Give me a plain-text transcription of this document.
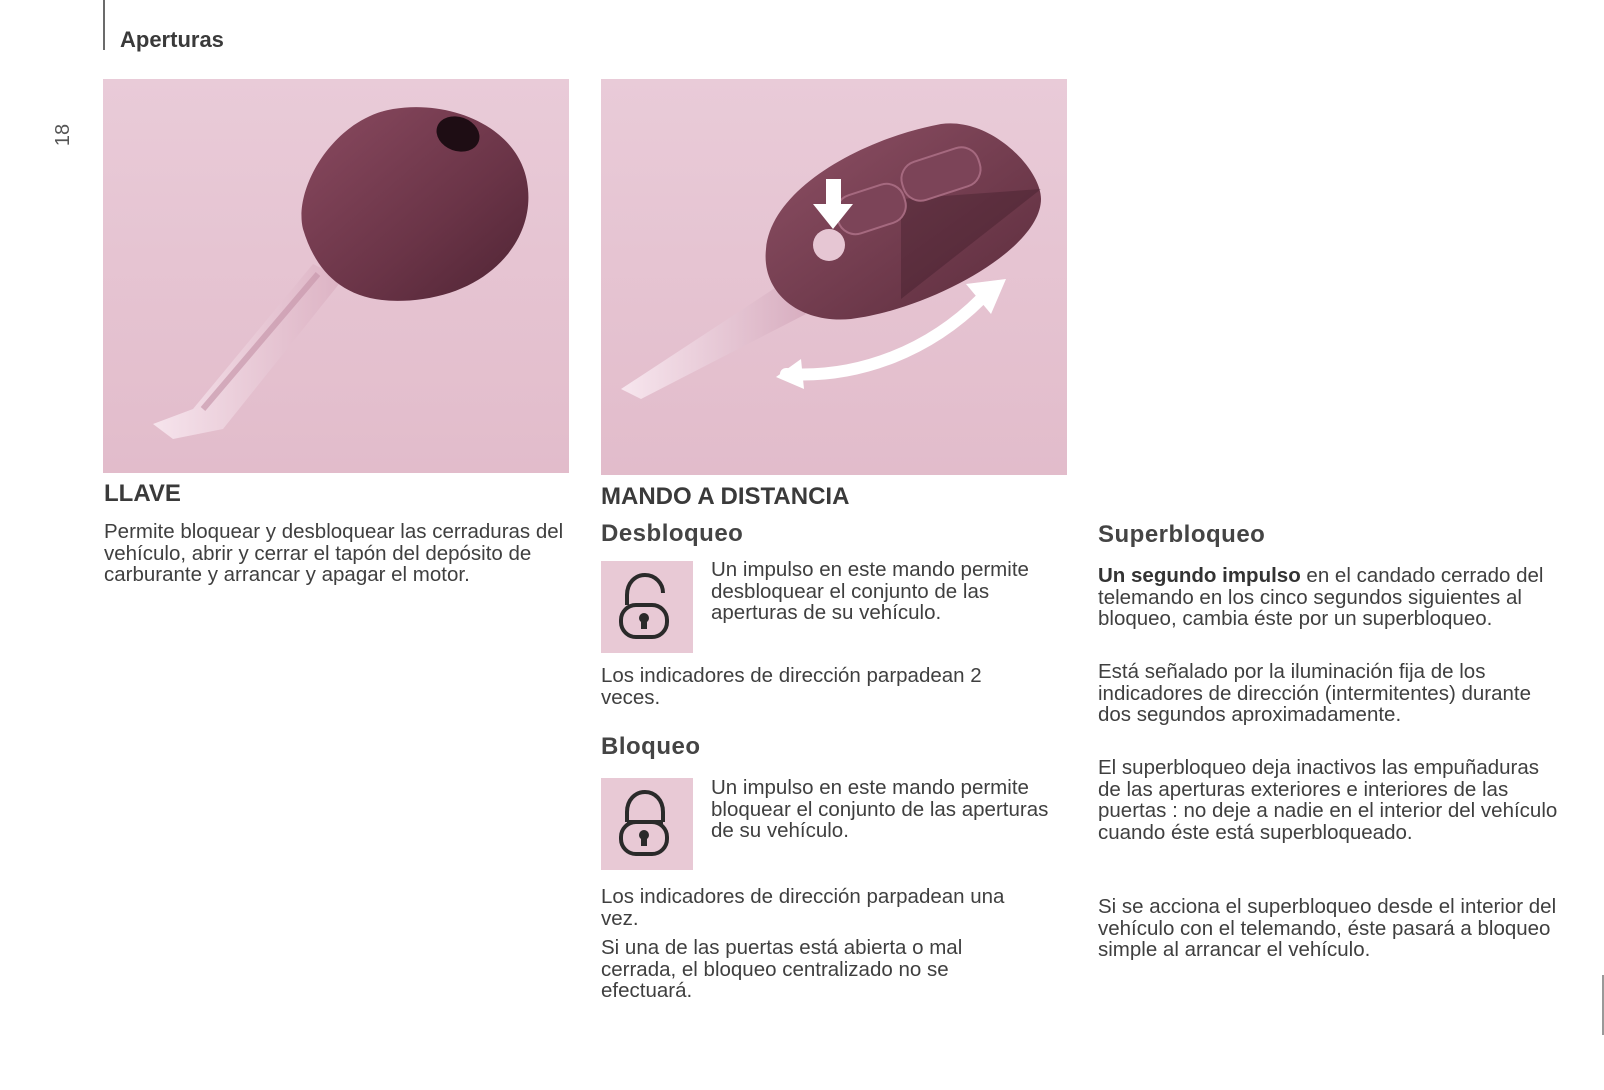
Aperturas
18
LLAVE

Permite bloquear y desbloquear las cerraduras del vehículo, abrir y cerrar el tapón del depósito de carburante y arrancar y apagar el motor.

MANDO A DISTANCIA
Desbloqueo

Un impulso en este mando permite desbloquear el conjunto de las aperturas de su vehículo.

Los indicadores de dirección parpadean 2 veces.

Bloqueo

Un impulso en este mando permite bloquear el conjunto de las aperturas de su vehículo.

Los indicadores de dirección parpadean una vez.

Si una de las puertas está abierta o mal cerrada, el bloqueo centralizado no se efectuará.

Superbloqueo

Un segundo impulso en el candado cerrado del telemando en los cinco segundos siguientes al bloqueo, cambia éste por un superbloqueo.

Está señalado por la iluminación fija de los indicadores de dirección (intermitentes) durante dos segundos aproximadamente.

El superbloqueo deja inactivos las empuñaduras de las aperturas exteriores e interiores de las puertas : no deje a nadie en el interior del vehículo cuando éste está superbloqueado.

Si se acciona el superbloqueo desde el interior del vehículo con el telemando, éste pasará a bloqueo simple al arrancar el vehículo.
